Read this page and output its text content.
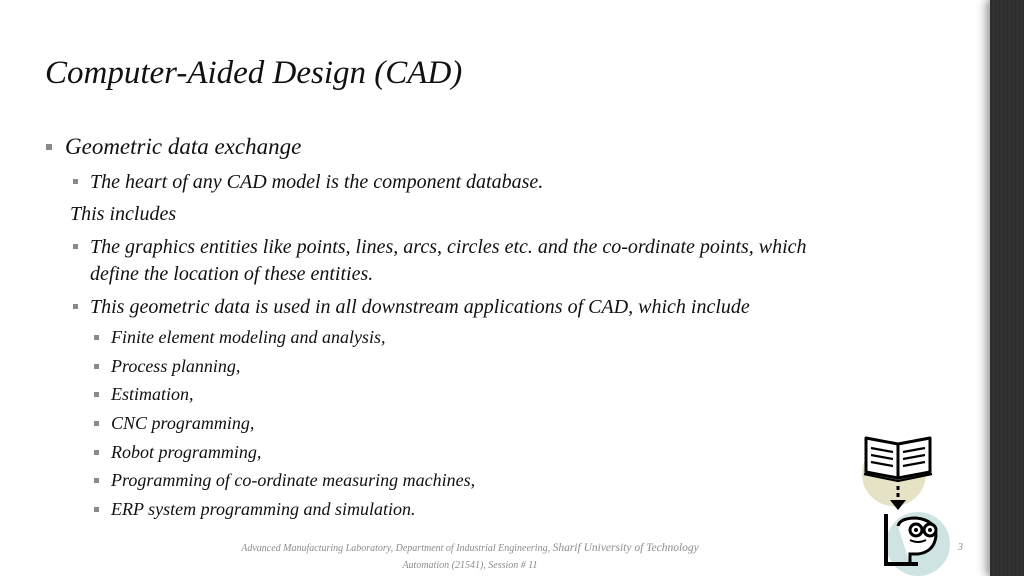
Computer-Aided Design (CAD)
Geometric data exchange
The heart of any CAD model is the component database.
This includes
The graphics entities like points, lines, arcs, circles etc. and the co-ordinate points, which
define the location of these entities.
This geometric data is used in all downstream applications of CAD, which include
Finite element modeling and analysis,
Process planning,
Estimation,
CNC programming,
Robot programming,
Programming of co-ordinate measuring machines,
ERP system programming and simulation.
Advanced Manufacturing Laboratory, Department of Industrial Engineering, Sharif University of Technology
Automation (21541), Session # 11
3
